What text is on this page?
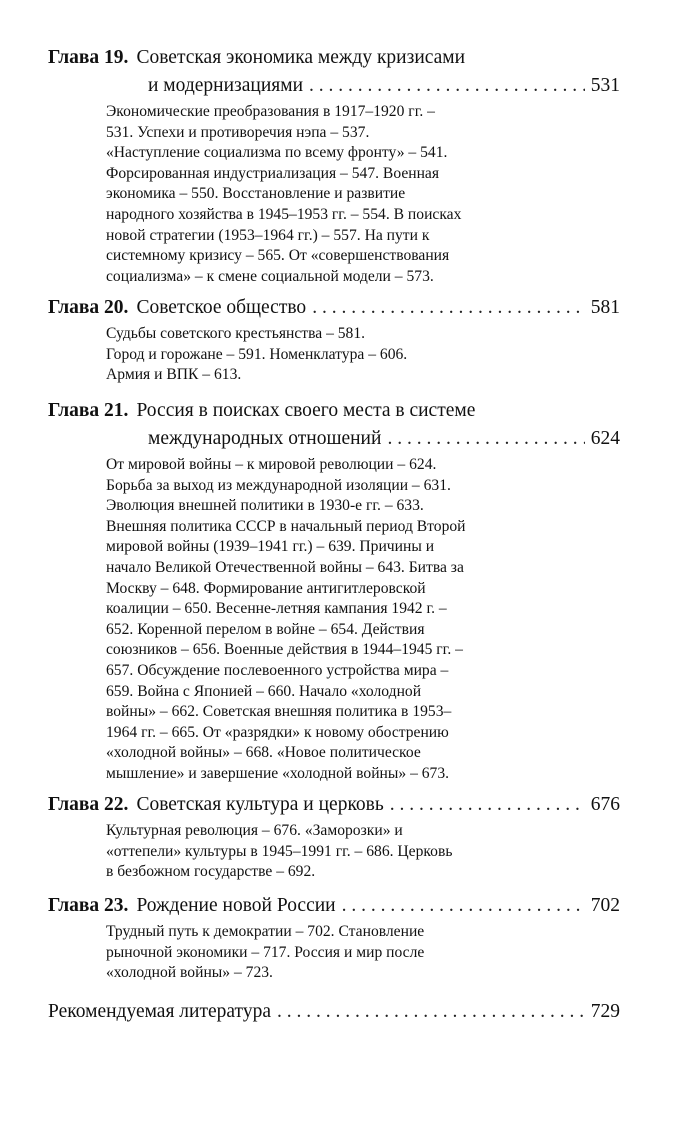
Глава 19. Советская экономика между кризисами
и модернизациями . . .	531
Экономические преобразования в 1917–1920 гг. –
531. Успехи и противоречия нэпа – 537.
«Наступление социализма по всему фронту» – 541.
Форсированная индустриализация – 547. Военная
экономика – 550. Восстановление и развитие
народного хозяйства в 1945–1953 гг. – 554. В поисках
новой стратегии (1953–1964 гг.) – 557. На пути к
системному кризису – 565. От «совершенствования
социализма» – к смене социальной модели – 573.
Глава 20. Советское общество . . .	581
Судьбы советского крестьянства – 581.
Город и горожане – 591. Номенклатура – 606.
Армия и ВПК – 613.
Глава 21. Россия в поисках своего места в системе
международных отношений . . .	624
От мировой войны – к мировой революции – 624.
Борьба за выход из международной изоляции – 631.
Эволюция внешней политики в 1930-е гг. – 633.
Внешняя политика СССР в начальный период Второй
мировой войны (1939–1941 гг.) – 639. Причины и
начало Великой Отечественной войны – 643. Битва за
Москву – 648. Формирование антигитлеровской
коалиции – 650. Весенне-летняя кампания 1942 г. –
652. Коренной перелом в войне – 654. Действия
союзников – 656. Военные действия в 1944–1945 гг. –
657. Обсуждение послевоенного устройства мира –
659. Война с Японией – 660. Начало «холодной
войны» – 662. Советская внешняя политика в 1953–
1964 гг. – 665. От «разрядки» к новому обострению
«холодной войны» – 668. «Новое политическое
мышление» и завершение «холодной войны» – 673.
Глава 22. Советская культура и церковь . . .	676
Культурная революция – 676. «Заморозки» и
«оттепели» культуры в 1945–1991 гг. – 686. Церковь
в безбожном государстве – 692.
Глава 23. Рождение новой России . . .	702
Трудный путь к демократии – 702. Становление
рыночной экономики – 717. Россия и мир после
«холодной войны» – 723.
Рекомендуемая литература . . .	729
